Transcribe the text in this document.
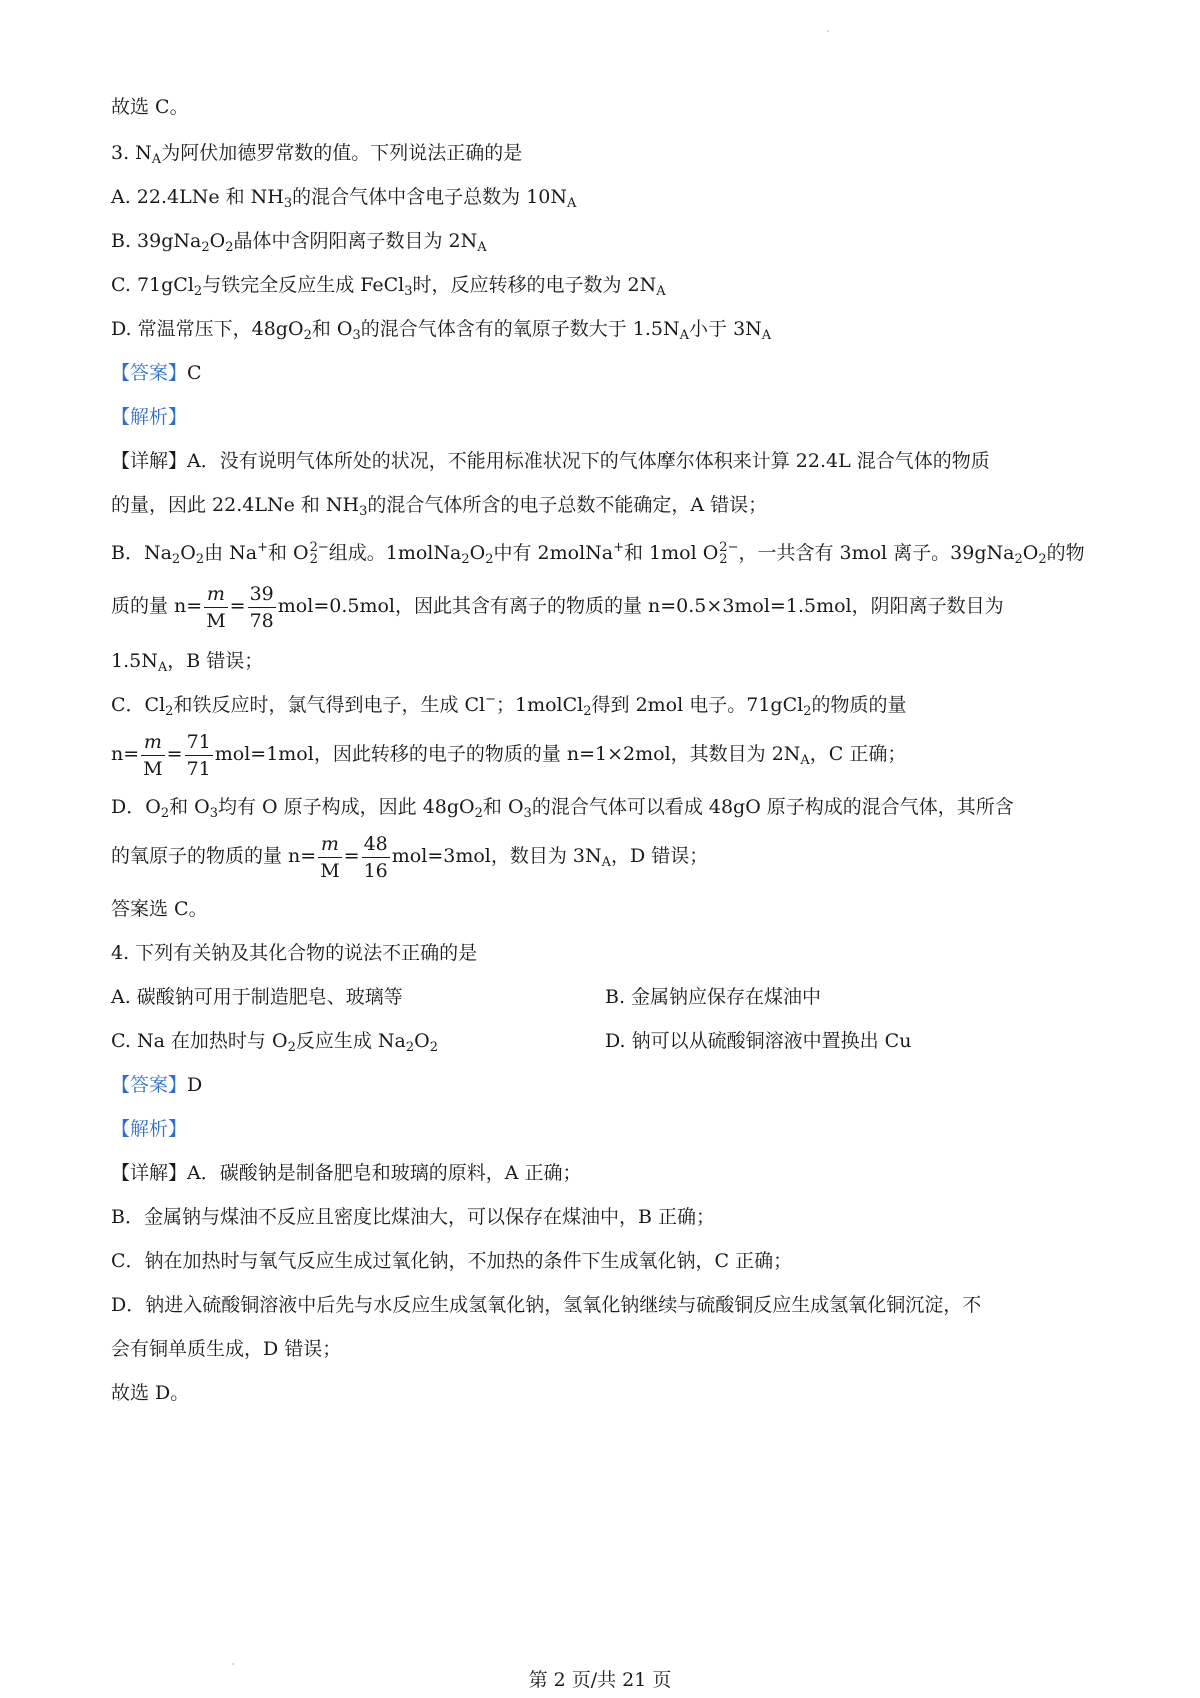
故选 C。
3. $N_A$为阿伏加德罗常数的值。下列说法正确的是
A. 22.4LNe 和 $NH_3$的混合气体中含电子总数为 $10N_A$
B. $39gNa_2O_2$晶体中含阴阳离子数目为 $2N_A$
C. 71gCl$_2$与铁完全反应生成 FeCl$_3$时，反应转移的电子数为 $2N_A$
D. 常温常压下，$48gO_2$和 $O_3$的混合气体含有的氧原子数大于 $1.5N_A$小于 $3N_A$
【答案】C
【解析】
【详解】A．没有说明气体所处的状况，不能用标准状况下的气体摩尔体积来计算 22.4L 混合气体的物质
的量，因此 22.4LNe 和 $NH_3$的混合气体所含的电子总数不能确定，A 错误；
B．$Na_2O_2$由 Na+和 O 2−
2 组成。$1molNa_2O_2$中有 2molNa+和 1mol O 2−
2 ，一共含有 3mol 离子。$39gNa_2O_2$的物
质的量 $n= \frac{m}{M} = \frac{39}{78} mol=0.5mol$，因此其含有离子的物质的量 n=0.5×3mol=1.5mol，阴阳离子数目为
$1.5N_A$，B 错误；
C．$Cl_2$和铁反应时，氯气得到电子，生成 Cl−；1molCl$_2$得到 2mol 电子。71gCl$_2$的物质的量
$n= \frac{m}{M} = \frac{71}{71} mol=1mol$，因此转移的电子的物质的量 n=1×2mol，其数目为 $2N_A$，C 正确；
D．$O_2$和 $O_3$均有 O 原子构成，因此 $48gO_2$和 $O_3$的混合气体可以看成 48gO 原子构成的混合气体，其所含
的氧原子的物质的量 $n= \frac{m}{M} = \frac{48}{16} mol=3mol$，数目为 $3N_A$，D 错误；
答案选 C。
4. 下列有关钠及其化合物的说法不正确的是
A. 碳酸钠可用于制造肥皂、玻璃等	B. 金属钠应保存在煤油中
C. Na 在加热时与 $O_2$反应生成 $Na_2O_2$	D. 钠可以从硫酸铜溶液中置换出 Cu
【答案】D
【解析】
【详解】A．碳酸钠是制备肥皂和玻璃的原料，A 正确；
B．金属钠与煤油不反应且密度比煤油大，可以保存在煤油中，B 正确；
C．钠在加热时与氧气反应生成过氧化钠，不加热的条件下生成氧化钠，C 正确；
D．钠进入硫酸铜溶液中后先与水反应生成氢氧化钠，氢氧化钠继续与硫酸铜反应生成氢氧化铜沉淀，不
会有铜单质生成，D 错误；
故选 D。
第 2 页/共 21 页
